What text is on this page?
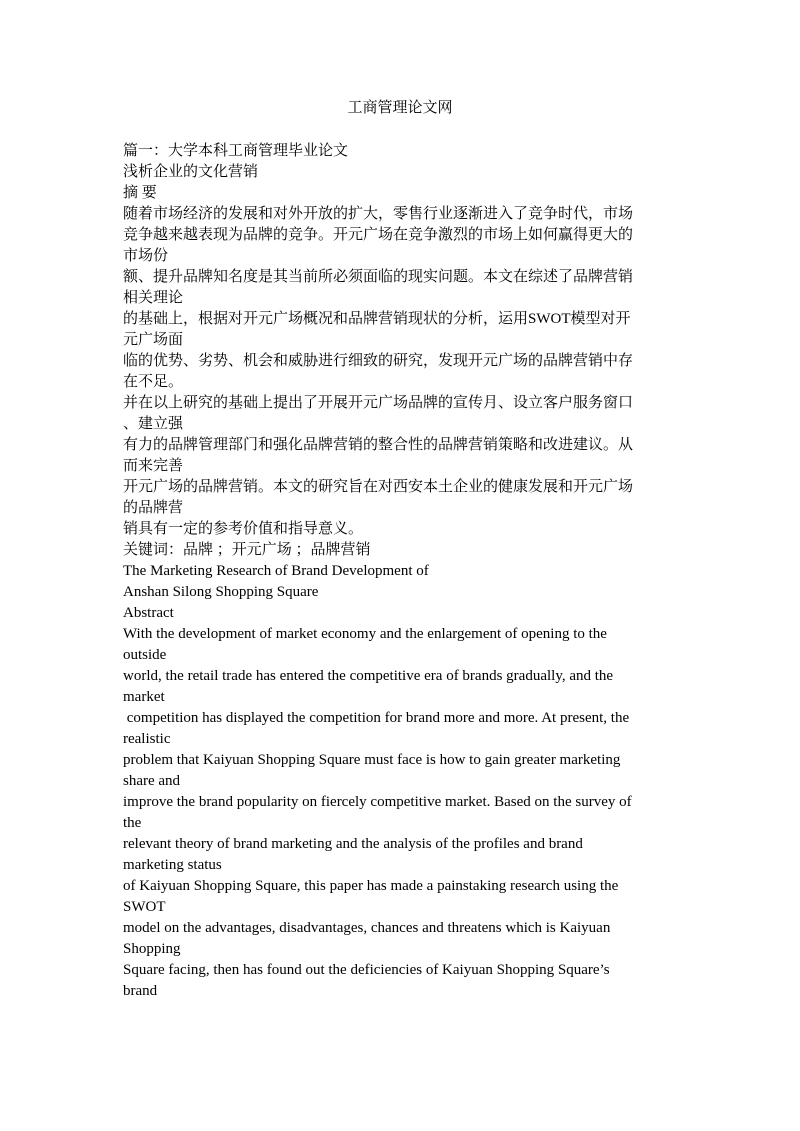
工商管理论文网
篇一：大学本科工商管理毕业论文
浅析企业的文化营销
摘 要
随着市场经济的发展和对外开放的扩大，零售行业逐渐进入了竞争时代，市场
竞争越来越表现为品牌的竞争。开元广场在竞争激烈的市场上如何赢得更大的
市场份
额、提升品牌知名度是其当前所必须面临的现实问题。本文在综述了品牌营销
相关理论
的基础上，根据对开元广场概况和品牌营销现状的分析，运用SWOT模型对开
元广场面
临的优势、劣势、机会和威胁进行细致的研究，发现开元广场的品牌营销中存
在不足。
并在以上研究的基础上提出了开展开元广场品牌的宣传月、设立客户服务窗口
、建立强
有力的品牌管理部门和强化品牌营销的整合性的品牌营销策略和改进建议。从
而来完善
开元广场的品牌营销。本文的研究旨在对西安本土企业的健康发展和开元广场
的品牌营
销具有一定的参考价值和指导意义。
关键词：品牌 ；开元广场 ；品牌营销
The Marketing Research of Brand Development of
Anshan Silong Shopping Square
Abstract
With the development of market economy and the enlargement of opening to the
outside
world, the retail trade has entered the competitive era of brands gradually, and the
market
competition has displayed the competition for brand more and more. At present, the
realistic
problem that Kaiyuan Shopping Square must face is how to gain greater marketing
share and
improve the brand popularity on fiercely competitive market. Based on the survey of
the
relevant theory of brand marketing and the analysis of the profiles and brand
marketing status
of Kaiyuan Shopping Square, this paper has made a painstaking research using the
SWOT
model on the advantages, disadvantages, chances and threatens which is Kaiyuan
Shopping
Square facing, then has found out the deficiencies of Kaiyuan Shopping Square’s
brand
